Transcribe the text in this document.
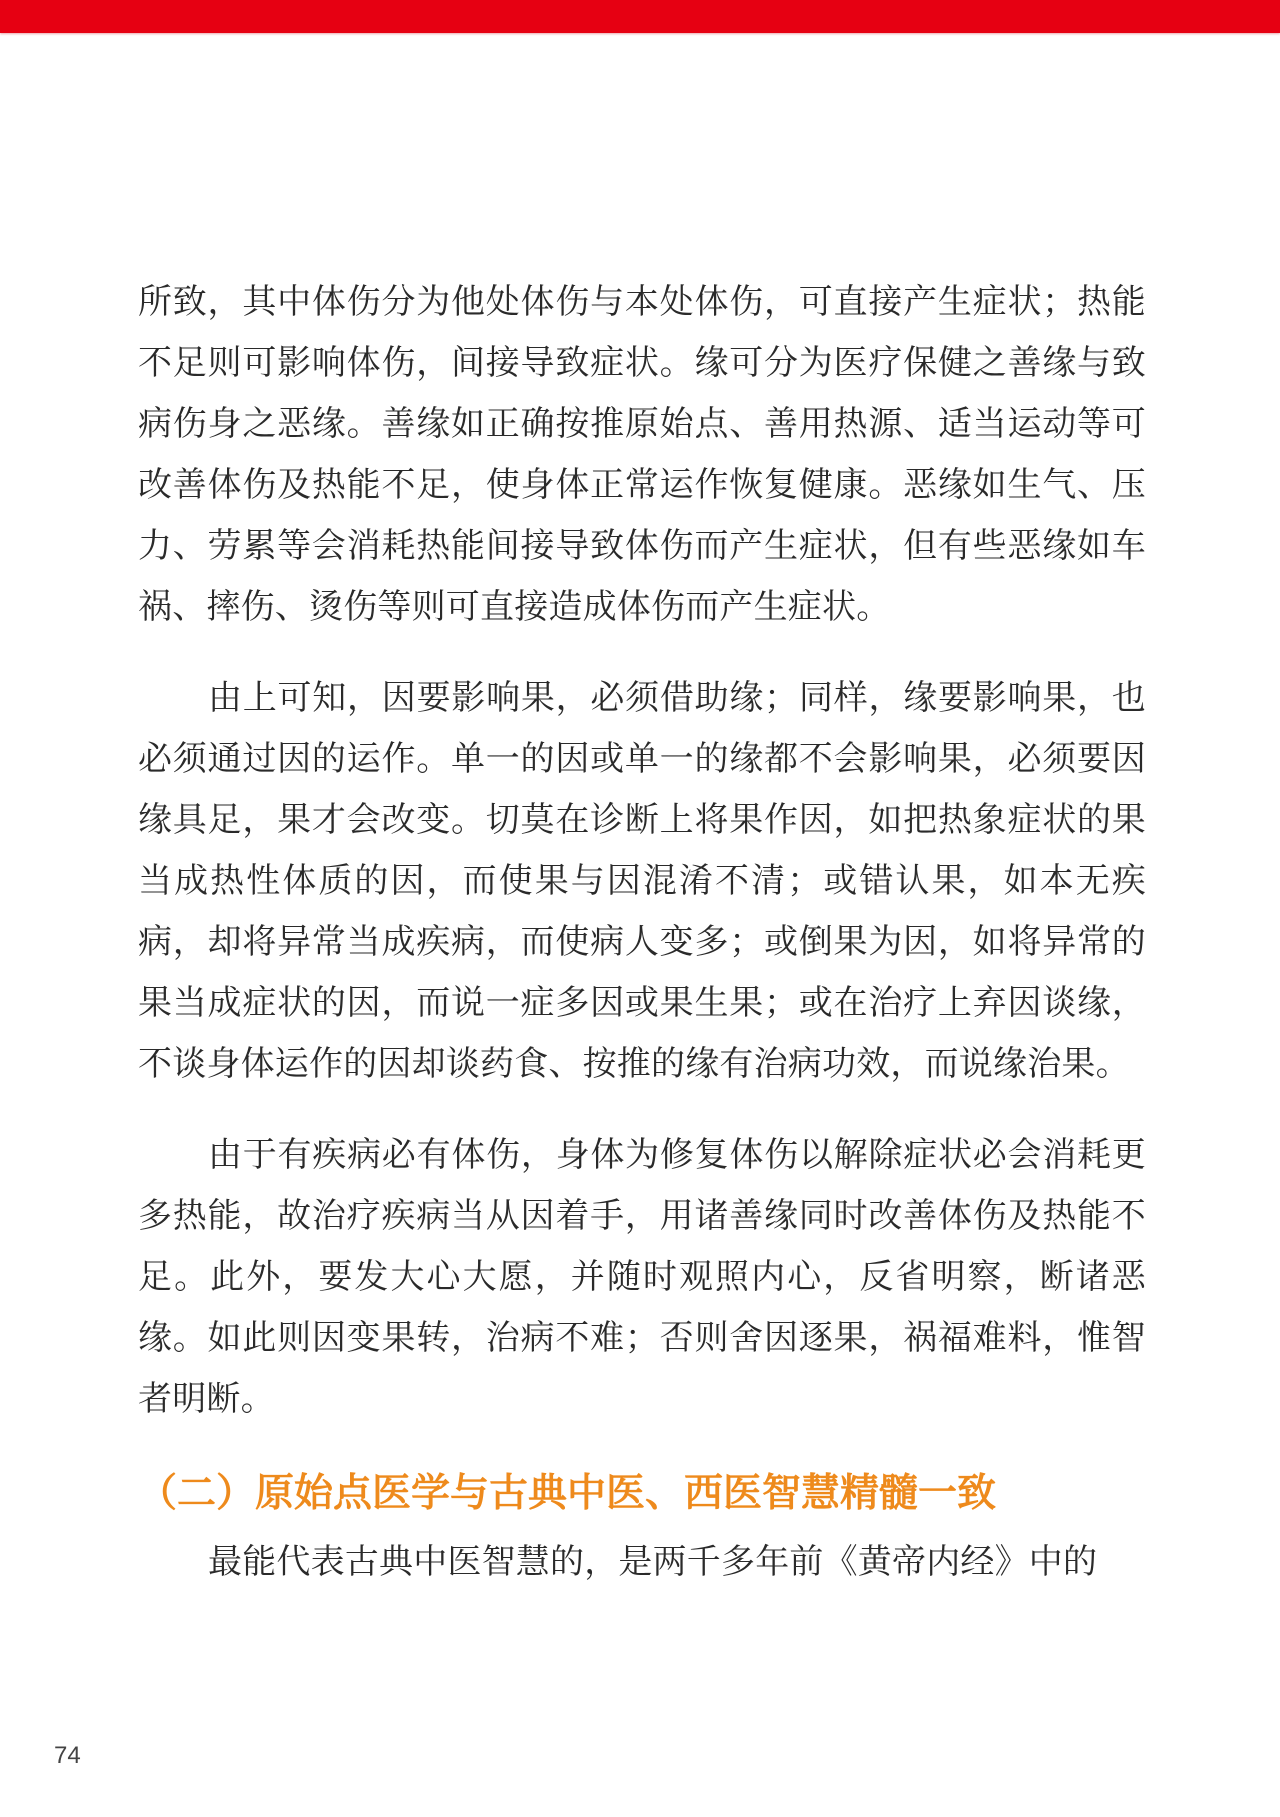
所致，其中体伤分为他处体伤与本处体伤，可直接产生症状；热能不足则可影响体伤，间接导致症状。缘可分为医疗保健之善缘与致病伤身之恶缘。善缘如正确按推原始点、善用热源、适当运动等可改善体伤及热能不足，使身体正常运作恢复健康。恶缘如生气、压力、劳累等会消耗热能间接导致体伤而产生症状，但有些恶缘如车祸、摔伤、烫伤等则可直接造成体伤而产生症状。

由上可知，因要影响果，必须借助缘；同样，缘要影响果，也必须通过因的运作。单一的因或单一的缘都不会影响果，必须要因缘具足，果才会改变。切莫在诊断上将果作因，如把热象症状的果当成热性体质的因，而使果与因混淆不清；或错认果，如本无疾病，却将异常当成疾病，而使病人变多；或倒果为因，如将异常的果当成症状的因，而说一症多因或果生果；或在治疗上弃因谈缘，不谈身体运作的因却谈药食、按推的缘有治病功效，而说缘治果。

由于有疾病必有体伤，身体为修复体伤以解除症状必会消耗更多热能，故治疗疾病当从因着手，用诸善缘同时改善体伤及热能不足。此外，要发大心大愿，并随时观照内心，反省明察，断诸恶缘。如此则因变果转，治病不难；否则舍因逐果，祸福难料，惟智者明断。

（二）原始点医学与古典中医、西医智慧精髓一致

最能代表古典中医智慧的，是两千多年前《黄帝内经》中的

74
